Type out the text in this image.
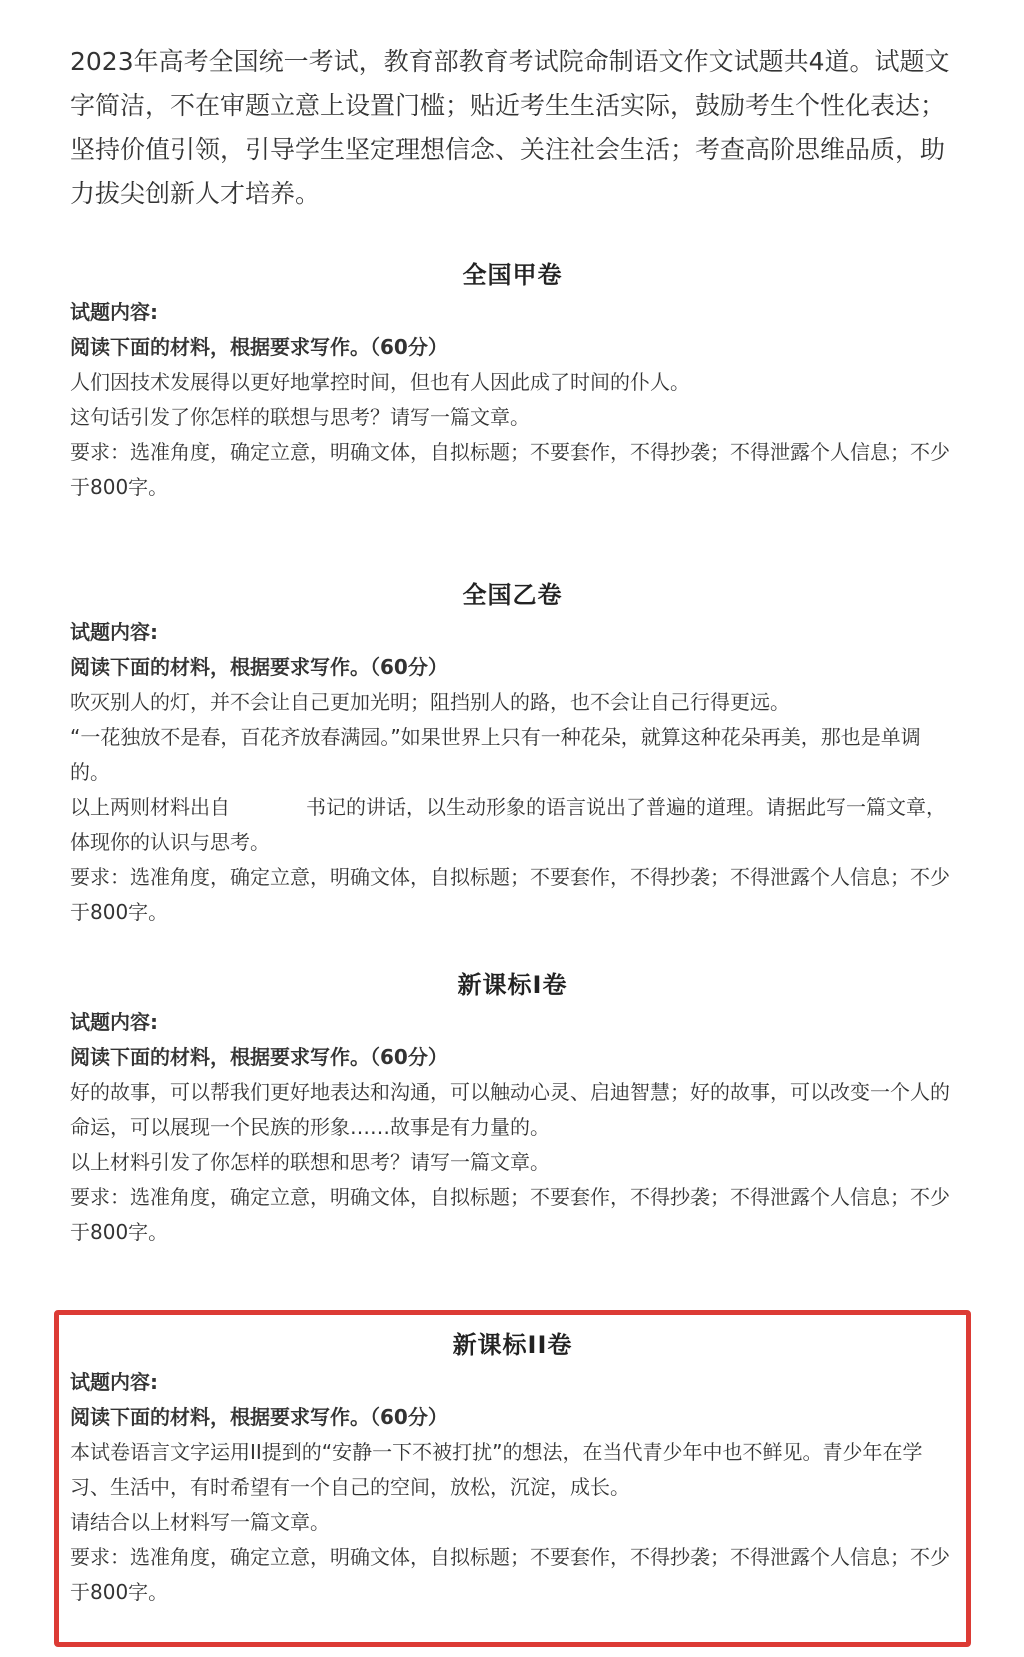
2023年高考全国统一考试，教育部教育考试院命制语文作文试题共4道。试题文字简洁，不在审题立意上设置门槛；贴近考生生活实际，鼓励考生个性化表达；坚持价值引领，引导学生坚定理想信念、关注社会生活；考查高阶思维品质，助力拔尖创新人才培养。

全国甲卷

试题内容:

阅读下面的材料，根据要求写作。（60分）

人们因技术发展得以更好地掌控时间，但也有人因此成了时间的仆人。

这句话引发了你怎样的联想与思考？请写一篇文章。

要求：选准角度，确定立意，明确文体，自拟标题；不要套作，不得抄袭；不得泄露个人信息；不少于800字。

全国乙卷

试题内容:

阅读下面的材料，根据要求写作。（60分）

吹灭别人的灯，并不会让自己更加光明；阻挡别人的路，也不会让自己行得更远。

“一花独放不是春，百花齐放春满园。”如果世界上只有一种花朵，就算这种花朵再美，那也是单调的。

以上两则材料出自	书记的讲话，以生动形象的语言说出了普遍的道理。请据此写一篇文章，体现你的认识与思考。

要求：选准角度，确定立意，明确文体，自拟标题；不要套作，不得抄袭；不得泄露个人信息；不少于800字。

新课标I卷

试题内容:

阅读下面的材料，根据要求写作。（60分）

好的故事，可以帮我们更好地表达和沟通，可以触动心灵、启迪智慧；好的故事，可以改变一个人的命运，可以展现一个民族的形象……故事是有力量的。

以上材料引发了你怎样的联想和思考？请写一篇文章。

要求：选准角度，确定立意，明确文体，自拟标题；不要套作，不得抄袭；不得泄露个人信息；不少于800字。

新课标II卷

试题内容:

阅读下面的材料，根据要求写作。（60分）

本试卷语言文字运用II提到的“安静一下不被打扰”的想法，在当代青少年中也不鲜见。青少年在学习、生活中，有时希望有一个自己的空间，放松，沉淀，成长。

请结合以上材料写一篇文章。

要求：选准角度，确定立意，明确文体，自拟标题；不要套作，不得抄袭；不得泄露个人信息；不少于800字。
